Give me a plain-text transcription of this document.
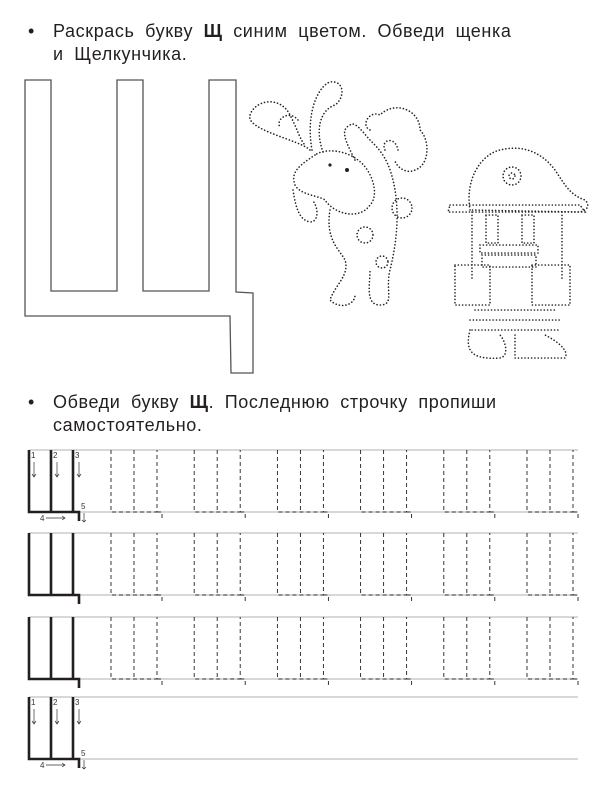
• Раскрась букву Щ синим цветом. Обведи щенка
и Щелкунчика.
1 2 3
4
5
1 2 3
4
5
• Обведи букву Щ. Последнюю строчку пропиши
самостоятельно.
